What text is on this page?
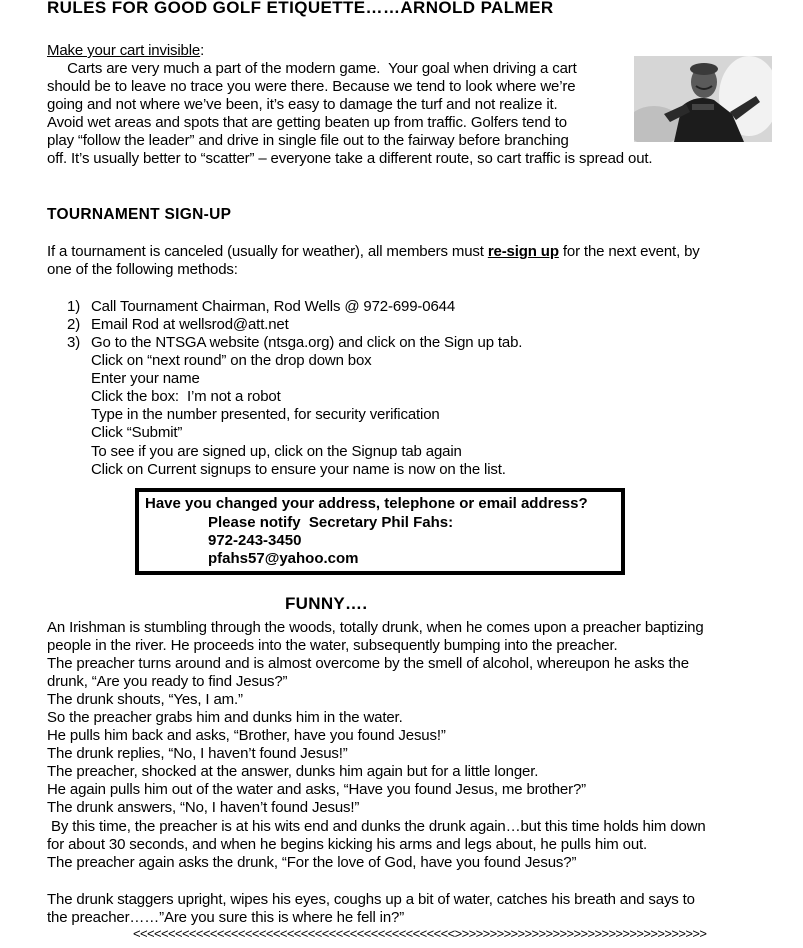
RULES FOR GOOD GOLF ETIQUETTE……ARNOLD PALMER
Make your cart invisible:
Carts are very much a part of the modern game.  Your goal when driving a cart
should be to leave no trace you were there. Because we tend to look where we’re
going and not where we’ve been, it’s easy to damage the turf and not realize it.
Avoid wet areas and spots that are getting beaten up from traffic. Golfers tend to
play “follow the leader” and drive in single file out to the fairway before branching
off. It’s usually better to “scatter” – everyone take a different route, so cart traffic is spread out.
TOURNAMENT SIGN-UP
If a tournament is canceled (usually for weather), all members must re-sign up for the next event, by
one of the following methods:
1) Call Tournament Chairman, Rod Wells @ 972-699-0644
2) Email Rod at wellsrod@att.net
3) Go to the NTSGA website (ntsga.org) and click on the Sign up tab.
Click on “next round” on the drop down box
Enter your name
Click the box:  I’m not a robot
Type in the number presented, for security verification
Click “Submit”
To see if you are signed up, click on the Signup tab again
Click on Current signups to ensure your name is now on the list.
Have you changed your address, telephone or email address?
Please notify  Secretary Phil Fahs:
972-243-3450
pfahs57@yahoo.com
FUNNY….
An Irishman is stumbling through the woods, totally drunk, when he comes upon a preacher baptizing
people in the river. He proceeds into the water, subsequently bumping into the preacher.
The preacher turns around and is almost overcome by the smell of alcohol, whereupon he asks the
drunk, “Are you ready to find Jesus?”
The drunk shouts, “Yes, I am.”
So the preacher grabs him and dunks him in the water.
He pulls him back and asks, “Brother, have you found Jesus!”
The drunk replies, “No, I haven’t found Jesus!”
The preacher, shocked at the answer, dunks him again but for a little longer.
He again pulls him out of the water and asks, “Have you found Jesus, me brother?”
The drunk answers, “No, I haven’t found Jesus!”
By this time, the preacher is at his wits end and dunks the drunk again…but this time holds him down
for about 30 seconds, and when he begins kicking his arms and legs about, he pulls him out.
The preacher again asks the drunk, “For the love of God, have you found Jesus?”
The drunk staggers upright, wipes his eyes, coughs up a bit of water, catches his breath and says to
the preacher……”Are you sure this is where he fell in?”
<<<<<<<<<<<<<<<<<<<<<<<<<<<<<<<<<<<<<<<<<<<<<<>>>>>>>>>>>>>>>>>>>>>>>>>>>>>>>>>>>>
